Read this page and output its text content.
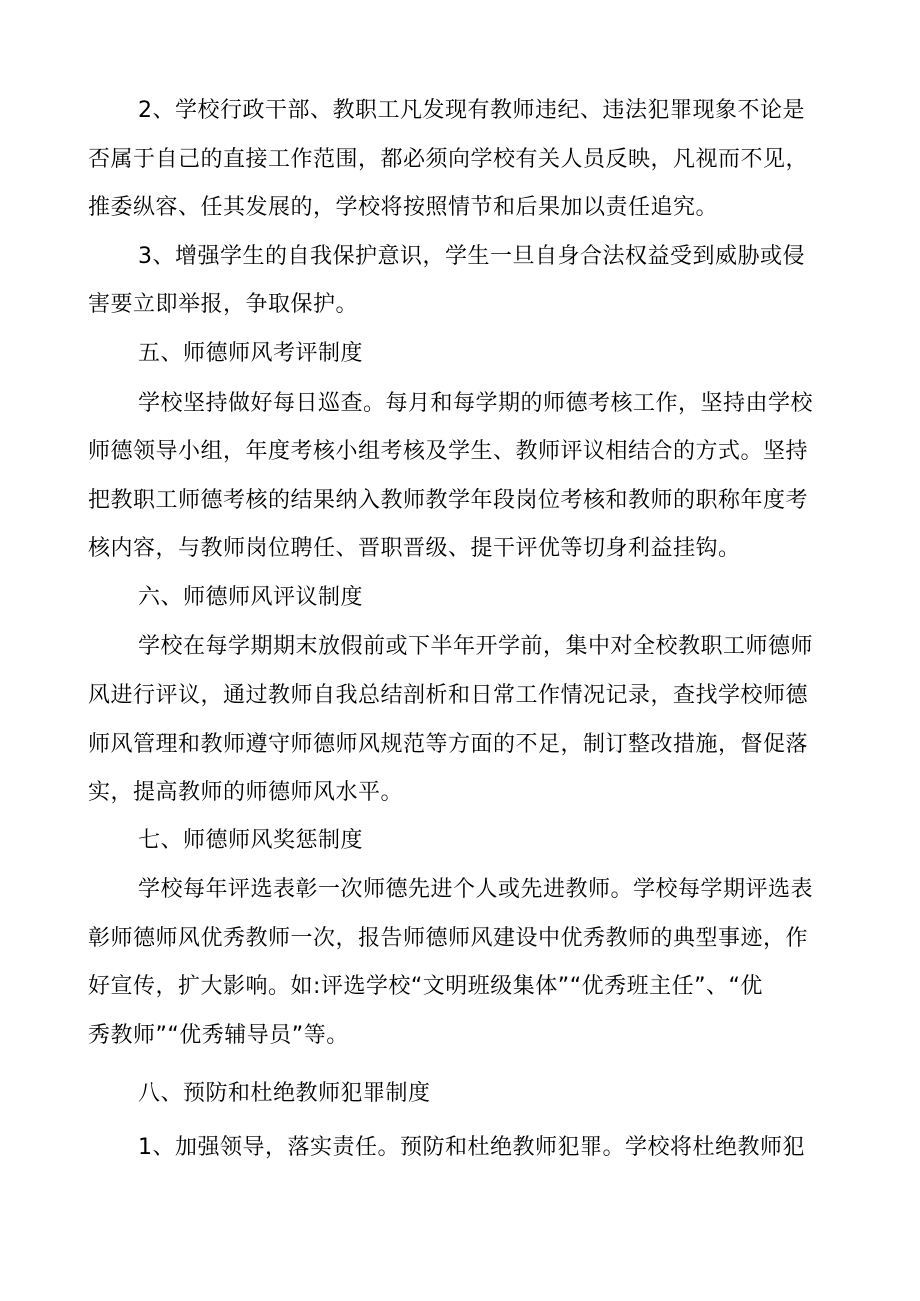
2、学校行政干部、教职工凡发现有教师违纪、违法犯罪现象不论是
否属于自己的直接工作范围，都必须向学校有关人员反映，凡视而不见，
推委纵容、任其发展的，学校将按照情节和后果加以责任追究。
3、增强学生的自我保护意识，学生一旦自身合法权益受到威胁或侵
害要立即举报，争取保护。
五、师德师风考评制度
学校坚持做好每日巡查。每月和每学期的师德考核工作，坚持由学校
师德领导小组，年度考核小组考核及学生、教师评议相结合的方式。坚持
把教职工师德考核的结果纳入教师教学年段岗位考核和教师的职称年度考
核内容，与教师岗位聘任、晋职晋级、提干评优等切身利益挂钩。
六、师德师风评议制度
学校在每学期期末放假前或下半年开学前，集中对全校教职工师德师
风进行评议，通过教师自我总结剖析和日常工作情况记录，查找学校师德
师风管理和教师遵守师德师风规范等方面的不足，制订整改措施，督促落
实，提高教师的师德师风水平。
七、师德师风奖惩制度
学校每年评选表彰一次师德先进个人或先进教师。学校每学期评选表
彰师德师风优秀教师一次，报告师德师风建设中优秀教师的典型事迹，作
好宣传，扩大影响。如:评选学校“文明班级集体”“优秀班主任”、“优
秀教师”“优秀辅导员”等。
八、预防和杜绝教师犯罪制度
1、加强领导，落实责任。预防和杜绝教师犯罪。学校将杜绝教师犯
